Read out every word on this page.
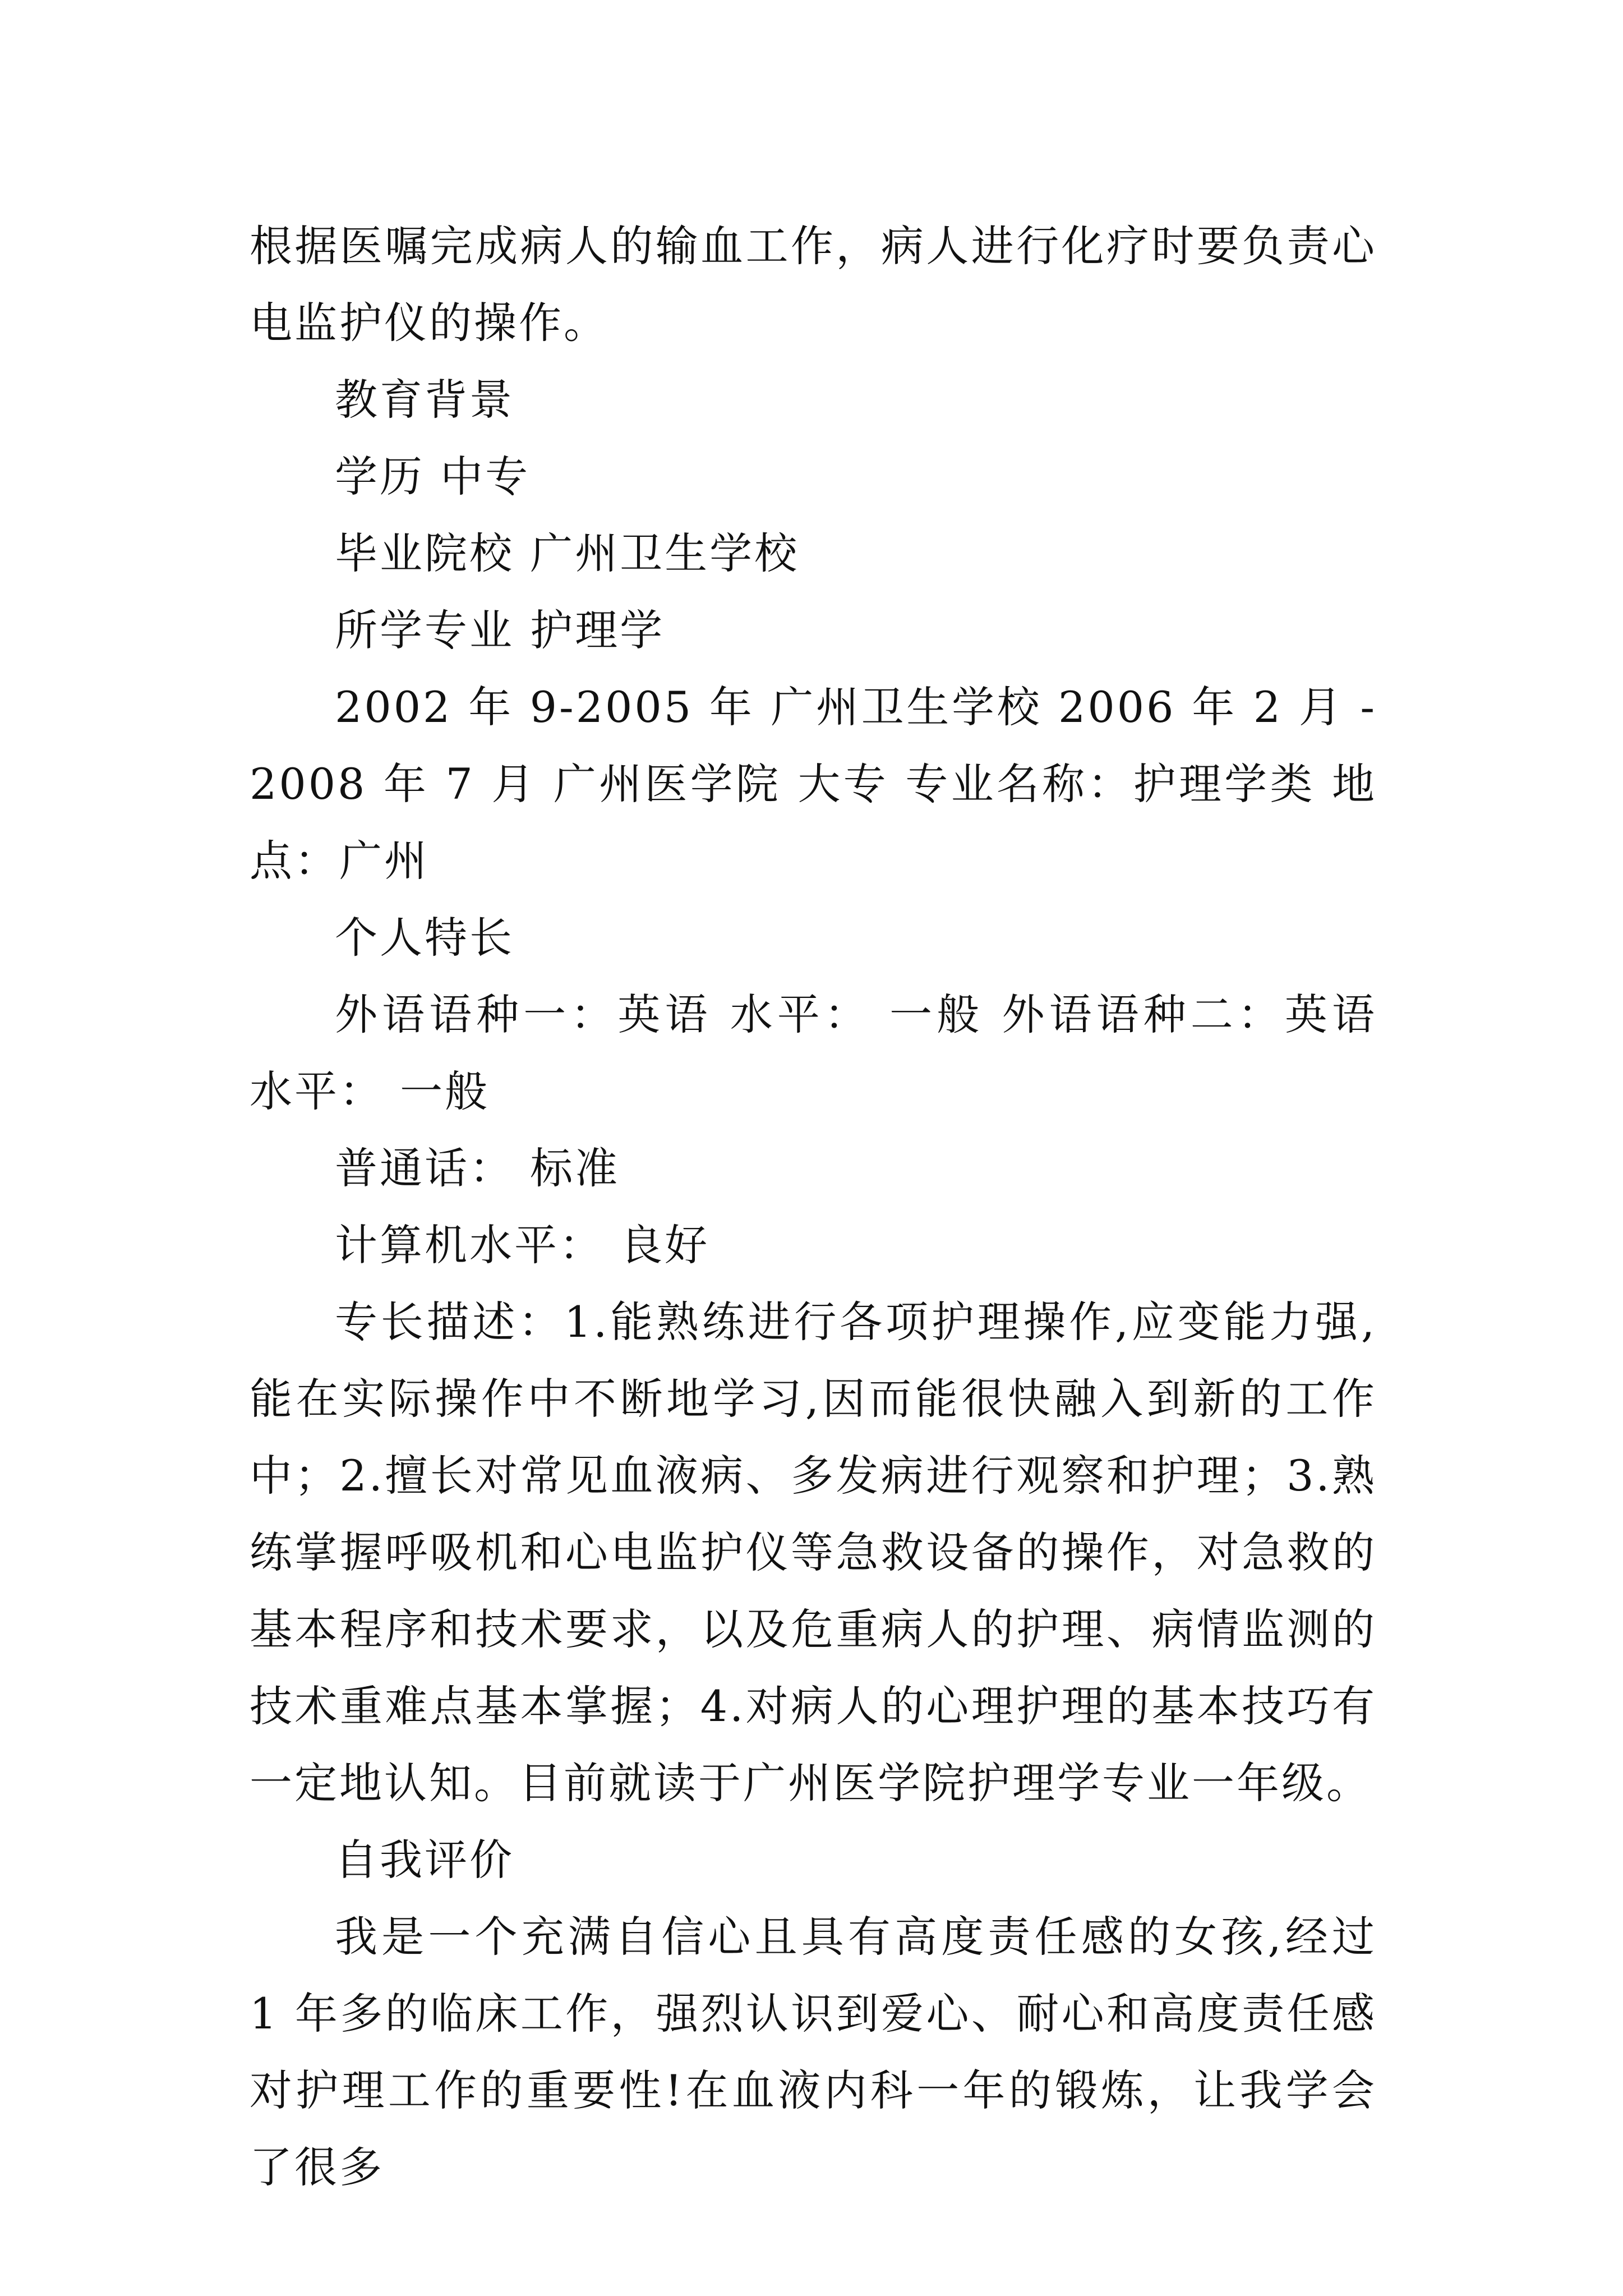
根据医嘱完成病人的输血工作，病人进行化疗时要负责心电监护仪的操作。

教育背景

学历 中专

毕业院校 广州卫生学校

所学专业 护理学

2002 年 9-2005 年 广州卫生学校 2006 年 2 月 - 2008 年 7 月 广州医学院 大专 专业名称：护理学类 地点：广州

个人特长

外语语种一：英语 水平： 一般 外语语种二：英语 水平： 一般

普通话： 标准

计算机水平： 良好

专长描述：1.能熟练进行各项护理操作,应变能力强,能在实际操作中不断地学习,因而能很快融入到新的工作中；2.擅长对常见血液病、多发病进行观察和护理；3.熟练掌握呼吸机和心电监护仪等急救设备的操作，对急救的基本程序和技术要求，以及危重病人的护理、病情监测的技术重难点基本掌握；4.对病人的心理护理的基本技巧有一定地认知。目前就读于广州医学院护理学专业一年级。

自我评价

我是一个充满自信心且具有高度责任感的女孩,经过 1 年多的临床工作，强烈认识到爱心、耐心和高度责任感对护理工作的重要性!在血液内科一年的锻炼，让我学会了很多
